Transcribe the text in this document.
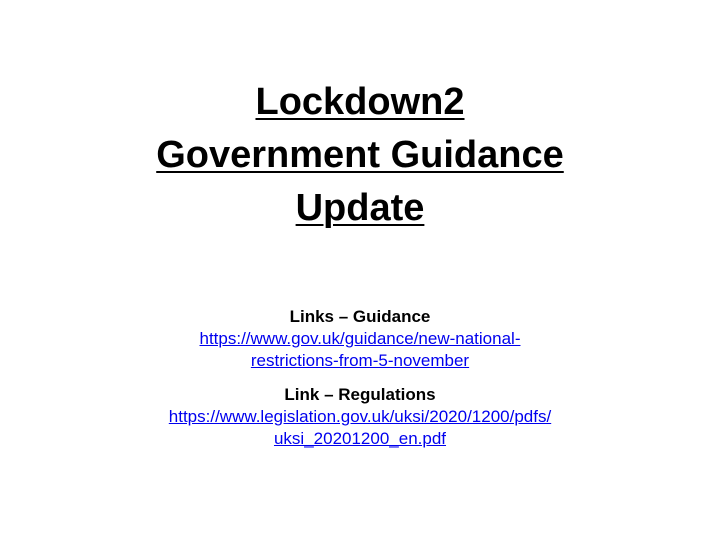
Lockdown2
Government Guidance
Update
Links – Guidance
https://www.gov.uk/guidance/new-national-
restrictions-from-5-november
Link – Regulations
https://www.legislation.gov.uk/uksi/2020/1200/pdfs/
uksi_20201200_en.pdf
